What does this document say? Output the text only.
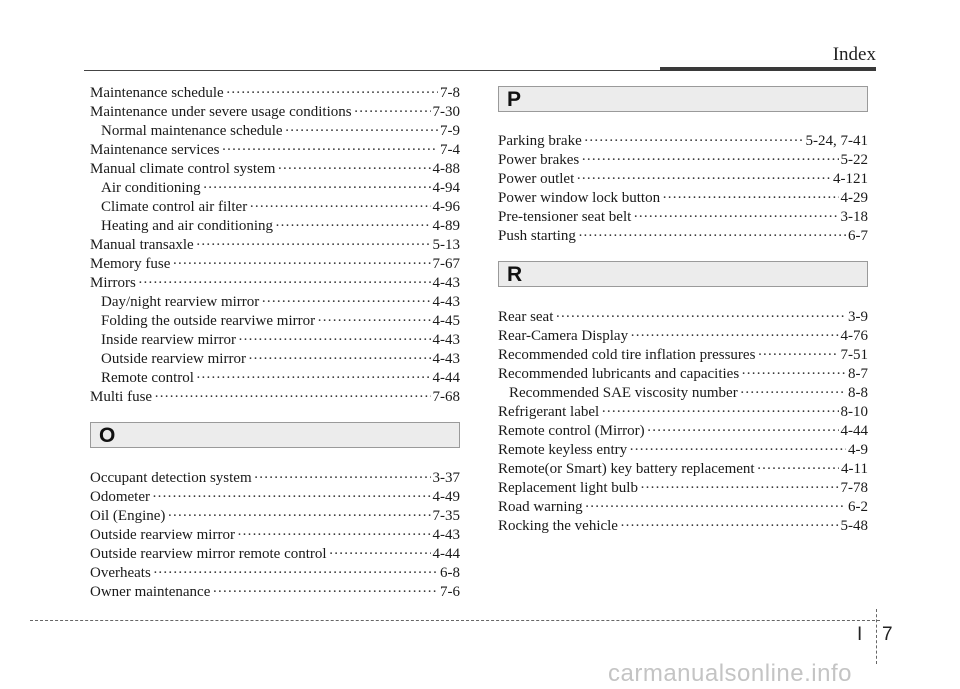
Index
Maintenance schedule ·····	7-8
Maintenance under severe usage conditions ·····	7-30
Normal maintenance schedule ·····	7-9
Maintenance services ·····	7-4
Manual climate control system ·····	4-88
Air conditioning ·····	4-94
Climate control air filter ·····	4-96
Heating and air conditioning ·····	4-89
Manual transaxle ·····	5-13
Memory fuse ·····	7-67
Mirrors ·····	4-43
Day/night rearview mirror ·····	4-43
Folding the outside rearviwe mirror ·····	4-45
Inside rearview mirror ·····	4-43
Outside rearview mirror ·····	4-43
Remote control ·····	4-44
Multi fuse ·····	7-68
O
Occupant detection system ·····	3-37
Odometer ·····	4-49
Oil (Engine) ·····	7-35
Outside rearview mirror ·····	4-43
Outside rearview mirror remote control ·····	4-44
Overheats ·····	6-8
Owner maintenance ·····	7-6
P
Parking brake ·····	5-24, 7-41
Power brakes ·····	5-22
Power outlet ·····	4-121
Power window lock button ·····	4-29
Pre-tensioner seat belt ·····	3-18
Push starting ·····	6-7
R
Rear seat ·····	3-9
Rear-Camera Display ·····	4-76
Recommended cold tire inflation pressures ·····	7-51
Recommended lubricants and capacities ·····	8-7
Recommended SAE viscosity number ·····	8-8
Refrigerant label ·····	8-10
Remote control (Mirror) ·····	4-44
Remote keyless entry ·····	4-9
Remote(or Smart) key battery replacement ·····	4-11
Replacement light bulb ·····	7-78
Road warning ·····	6-2
Rocking the vehicle ·····	5-48
I 7
carmanualsonline.info
